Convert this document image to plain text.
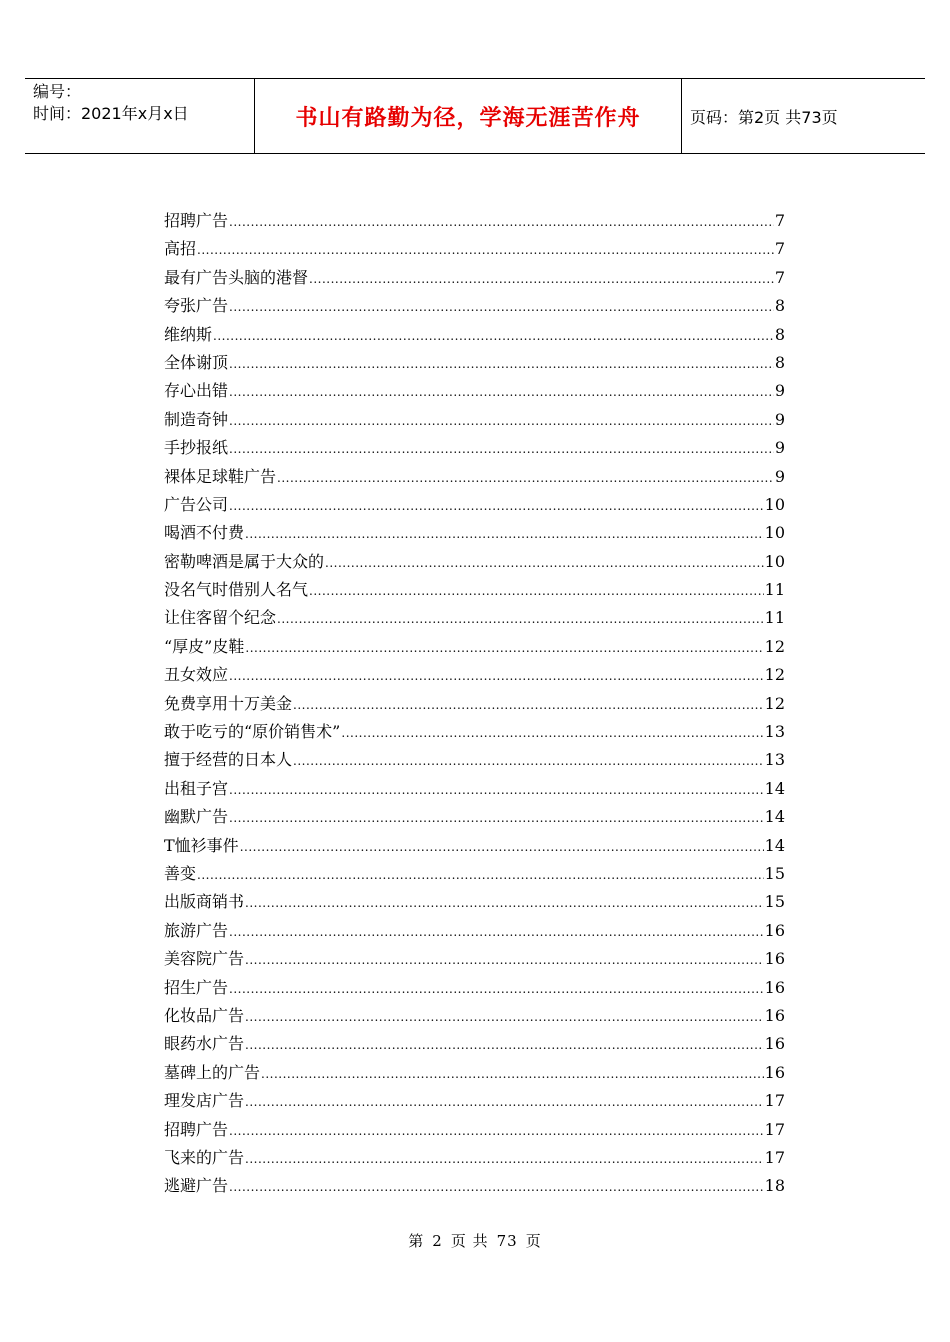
编号：
时间：2021年x月x日	书山有路勤为径，学海无涯苦作舟	页码：第2页 共73页
招聘广告 .....	7
高招 .....	7
最有广告头脑的港督 .....	7
夸张广告 .....	8
维纳斯 .....	8
全体谢顶 .....	8
存心出错 .....	9
制造奇钟 .....	9
手抄报纸 .....	9
裸体足球鞋广告 .....	9
广告公司 .....	10
喝酒不付费 .....	10
密勒啤酒是属于大众的 .....	10
没名气时借别人名气 .....	11
让住客留个纪念 .....	11
“厚皮”皮鞋 .....	12
丑女效应 .....	12
免费享用十万美金 .....	12
敢于吃亏的“原价销售术” .....	13
擅于经营的日本人 .....	13
出租子宫 .....	14
幽默广告 .....	14
T恤衫事件 .....	14
善变 .....	15
出版商销书 .....	15
旅游广告 .....	16
美容院广告 .....	16
招生广告 .....	16
化妆品广告 .....	16
眼药水广告 .....	16
墓碑上的广告 .....	16
理发店广告 .....	17
招聘广告 .....	17
飞来的广告 .....	17
逃避广告 .....	18
第 2 页 共 73 页
